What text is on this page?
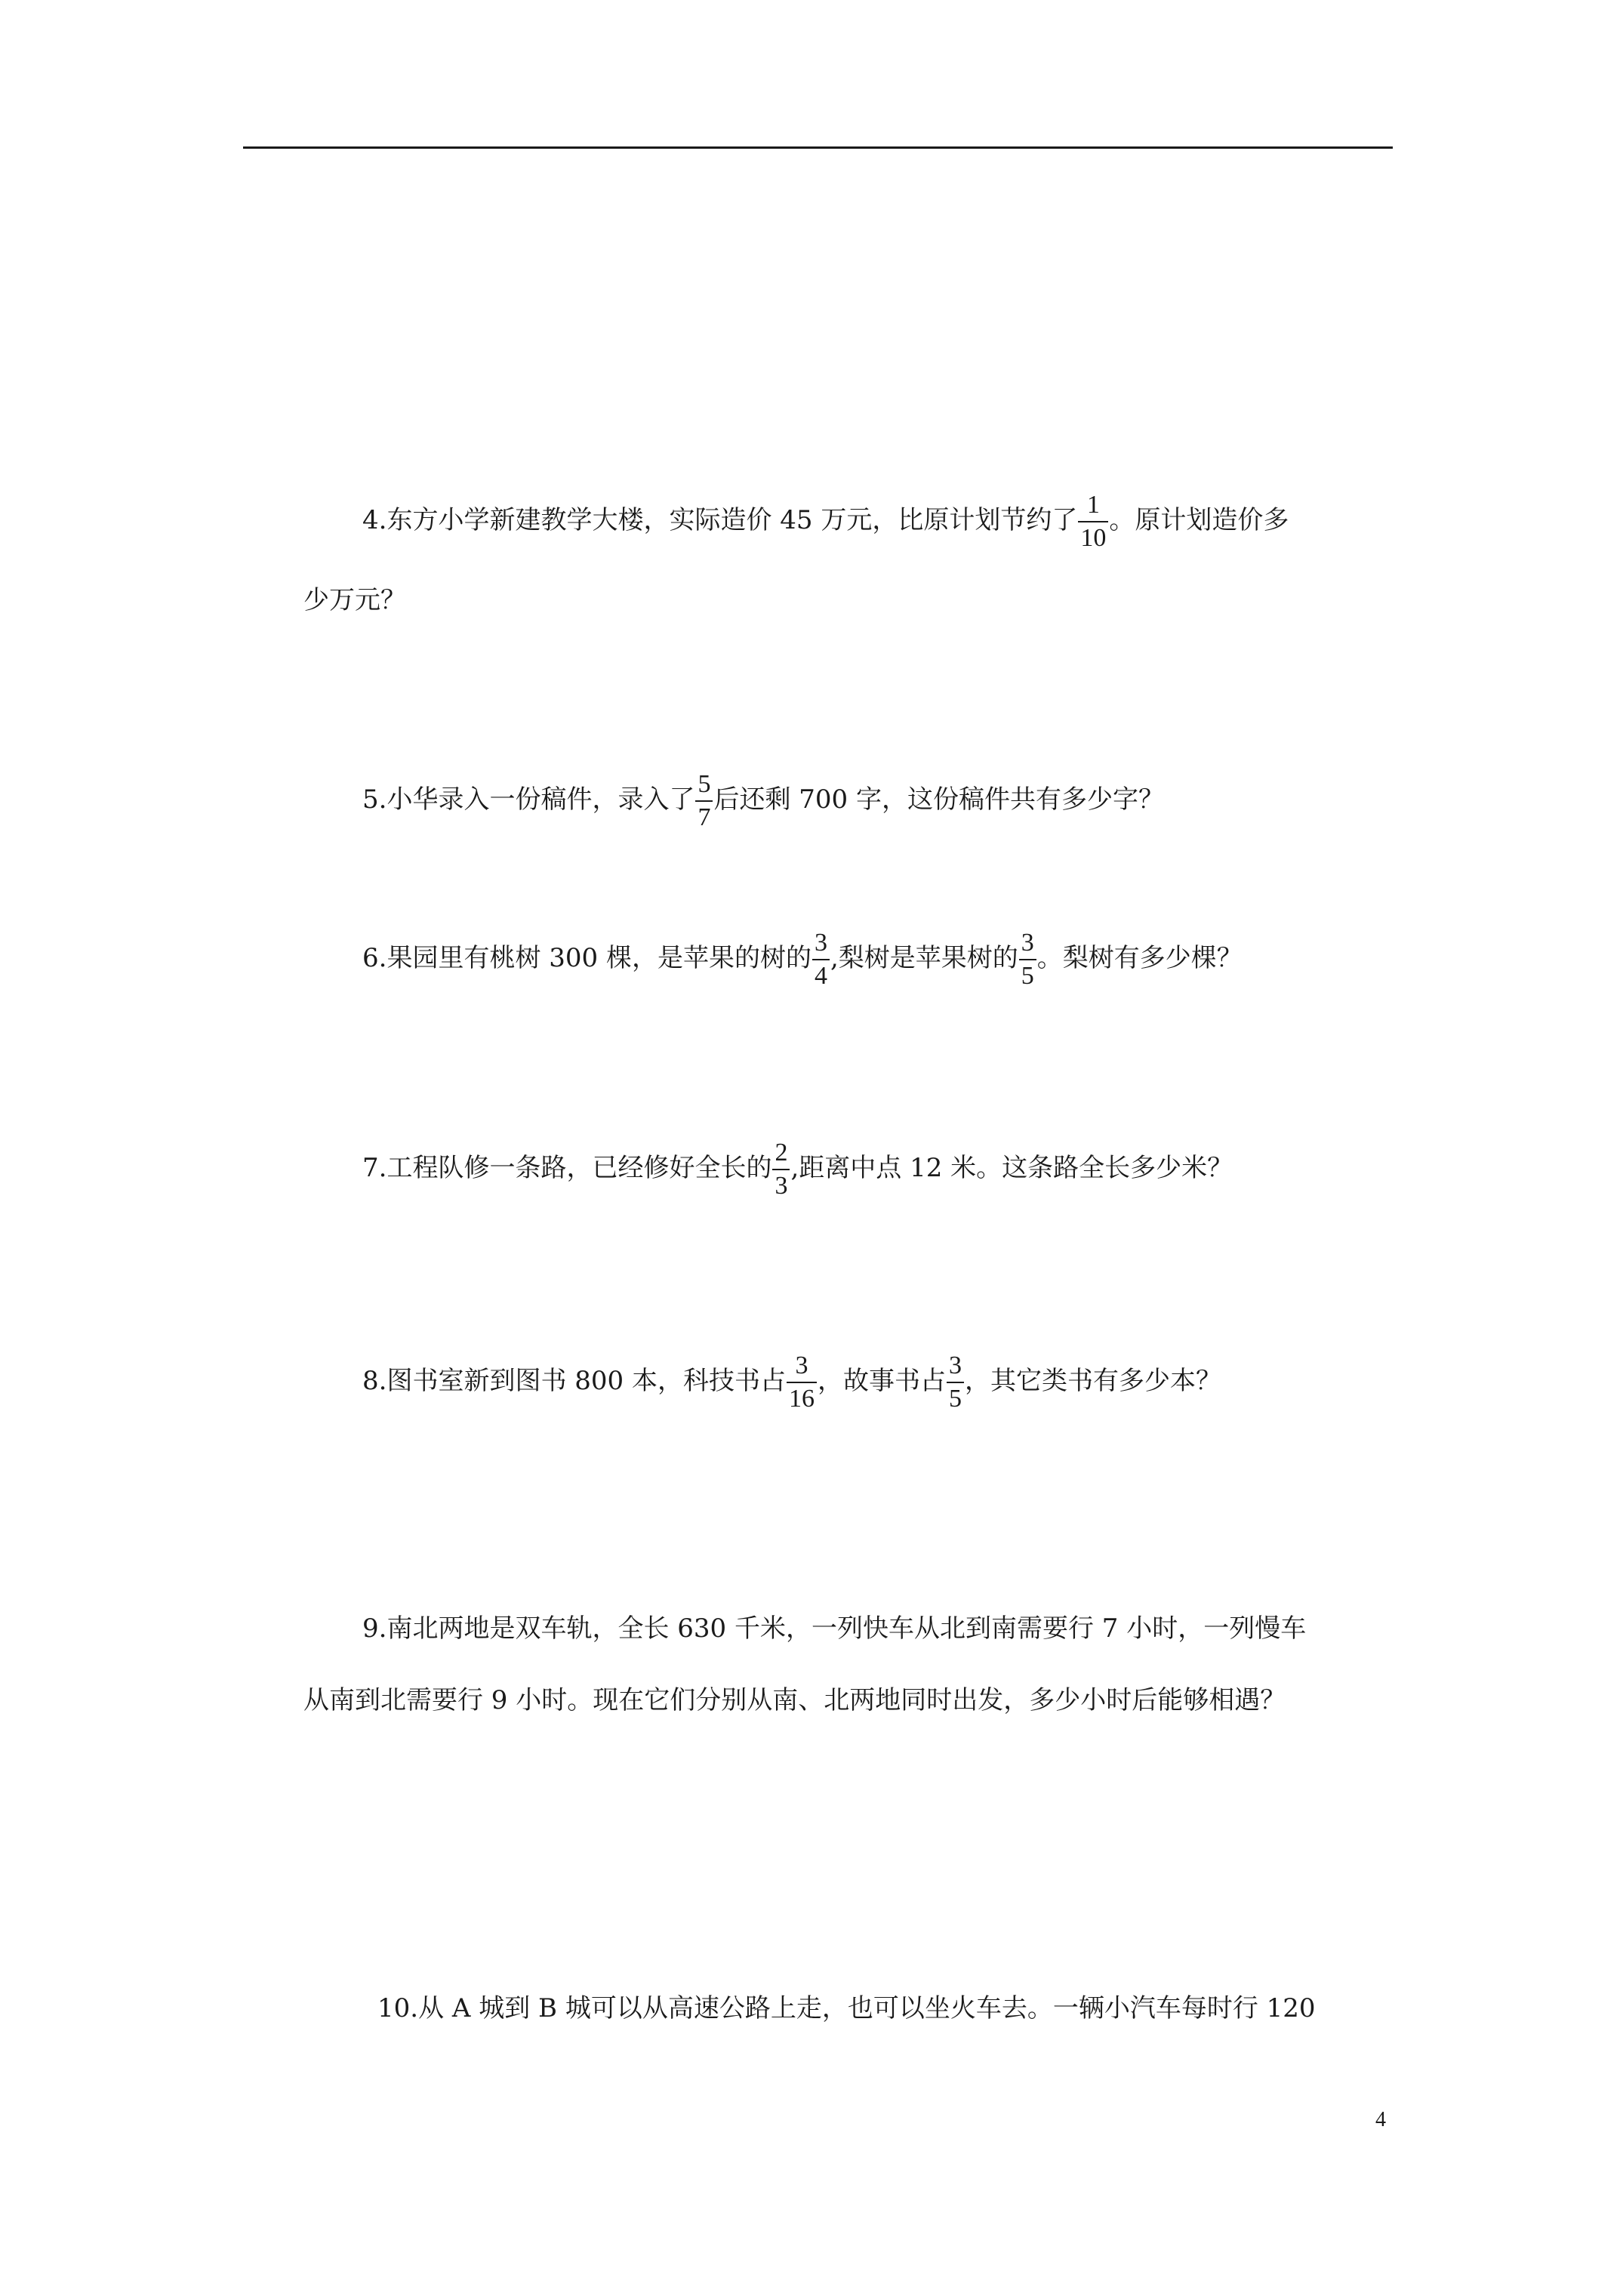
4.东方小学新建教学大楼，实际造价 45 万元，比原计划节约了 $\frac{1}{10}$ 。原计划造价多
少万元？
5.小华录入一份稿件，录入了 $\frac{5}{7}$ 后还剩 700 字，这份稿件共有多少字？
6.果园里有桃树 300 棵，是苹果的树的 $\frac{3}{4}$ ,梨树是苹果树的 $\frac{3}{5}$ 。梨树有多少棵？
7.工程队修一条路，已经修好全长的 $\frac{2}{3}$ ,距离中点 12 米。这条路全长多少米？
8.图书室新到图书 800 本，科技书占 $\frac{3}{16}$ ，故事书占 $\frac{3}{5}$ ，其它类书有多少本？
9.南北两地是双车轨，全长 630 千米，一列快车从北到南需要行 7 小时，一列慢车
从南到北需要行 9 小时。现在它们分别从南、北两地同时出发，多少小时后能够相遇？
10.从 A 城到 B 城可以从高速公路上走，也可以坐火车去。一辆小汽车每时行 120
4
